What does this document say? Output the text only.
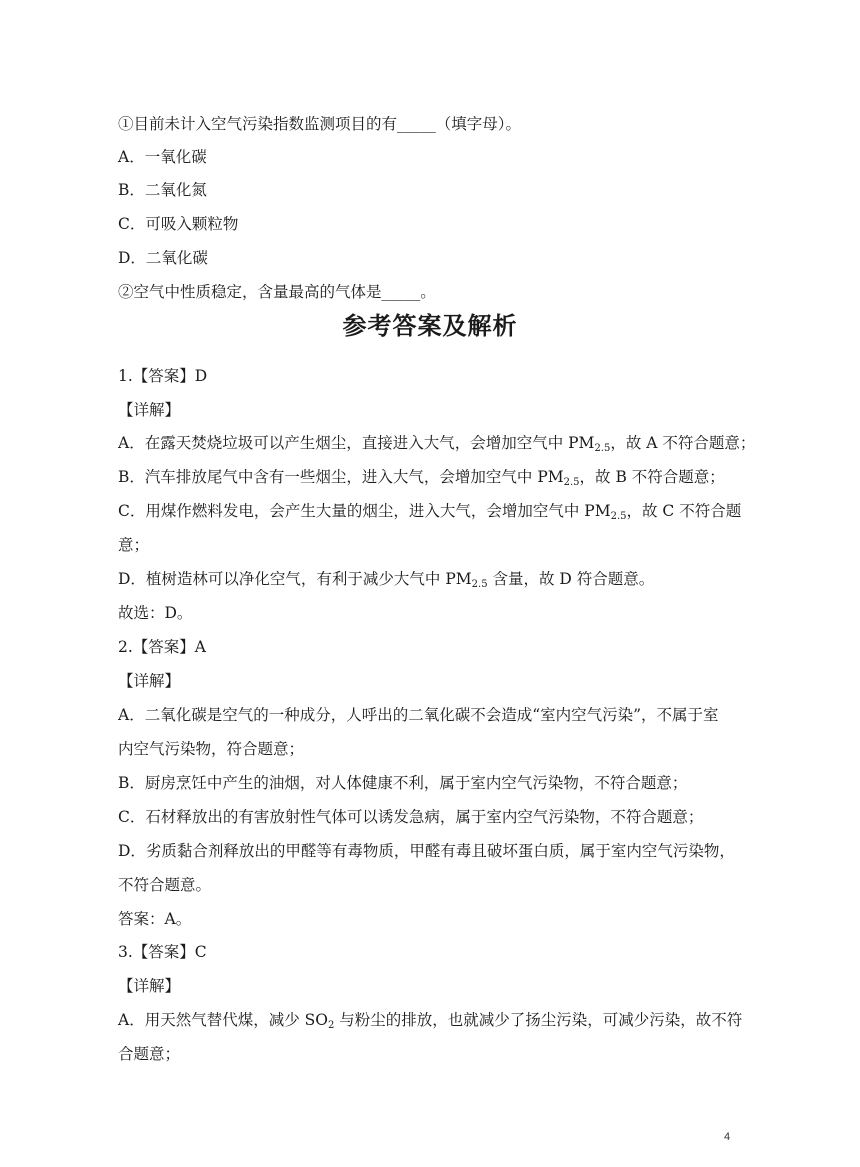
①目前未计入空气污染指数监测项目的有_____（填字母）。
A．一氧化碳
B．二氧化氮
C．可吸入颗粒物
D．二氧化碳
②空气中性质稳定，含量最高的气体是_____。
参考答案及解析
1.【答案】D
【详解】
A．在露天焚烧垃圾可以产生烟尘，直接进入大气，会增加空气中 $PM_{2.5}$，故 A 不符合题意；
B．汽车排放尾气中含有一些烟尘，进入大气，会增加空气中 $PM_{2.5}$，故 B 不符合题意；
C．用煤作燃料发电，会产生大量的烟尘，进入大气，会增加空气中 $PM_{2.5}$，故 C 不符合题
意；
D．植树造林可以净化空气，有利于减少大气中 $PM_{2.5}$ 含量，故 D 符合题意。
故选：D。
2.【答案】A
【详解】
A．二氧化碳是空气的一种成分，人呼出的二氧化碳不会造成“室内空气污染”，不属于室
内空气污染物，符合题意；
B．厨房烹饪中产生的油烟，对人体健康不利，属于室内空气污染物，不符合题意；
C．石材释放出的有害放射性气体可以诱发急病，属于室内空气污染物，不符合题意；
D．劣质黏合剂释放出的甲醛等有毒物质，甲醛有毒且破坏蛋白质，属于室内空气污染物，
不符合题意。
答案：A。
3.【答案】C
【详解】
A．用天然气替代煤，减少 $SO_2$ 与粉尘的排放，也就减少了扬尘污染，可减少污染，故不符
合题意；
4
